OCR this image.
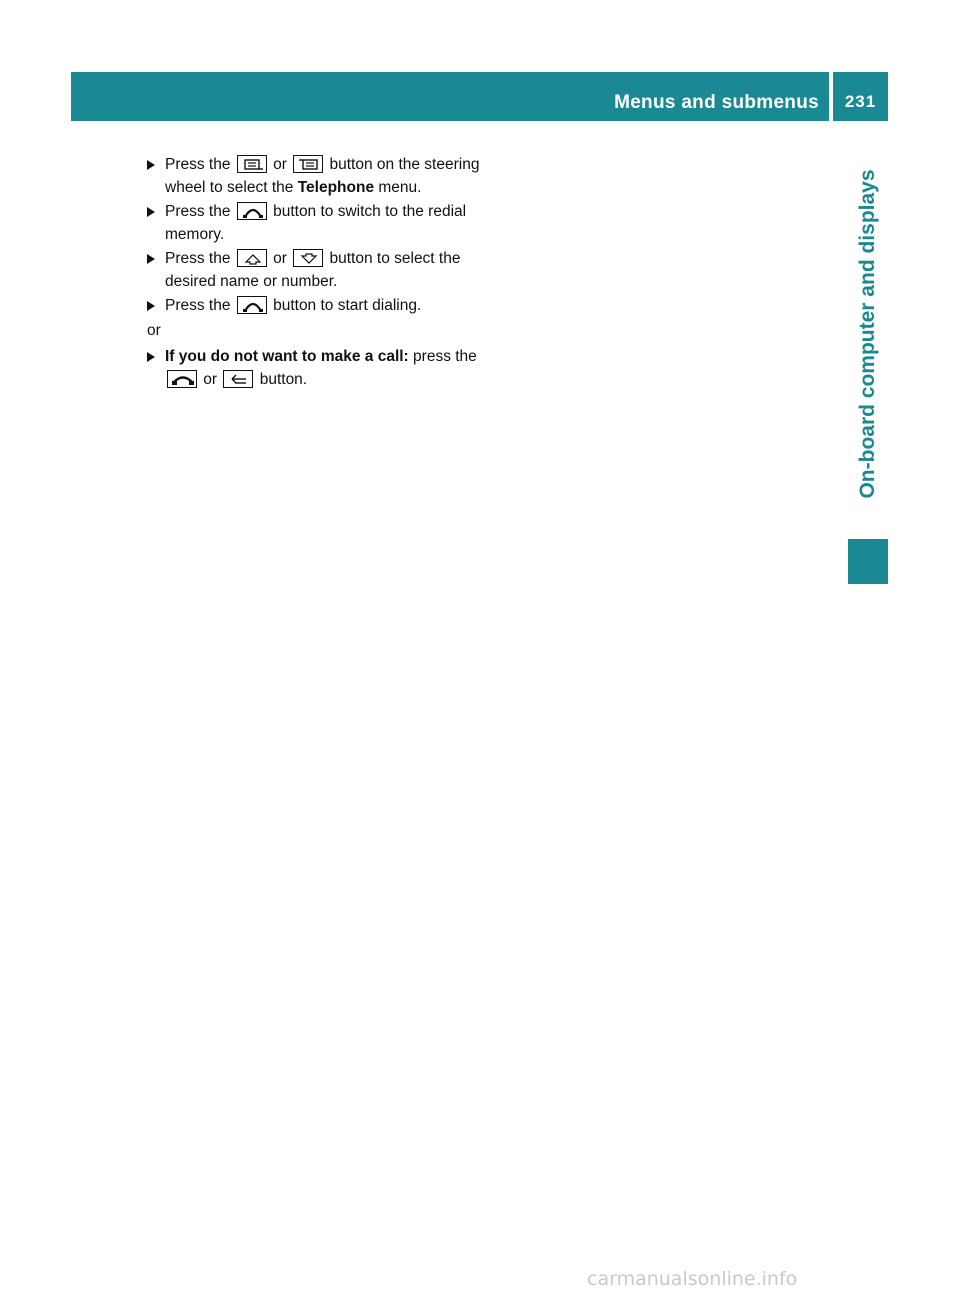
Menus and submenus	231
On-board computer and displays
Press the
or
button on the steering wheel to select the Telephone menu.
Press the
button to switch to the redial memory.
Press the
or
button to select the desired name or number.
Press the
button to start dialing.
or
If you do not want to make a call: press the
or
button.
carmanualsonline.info
